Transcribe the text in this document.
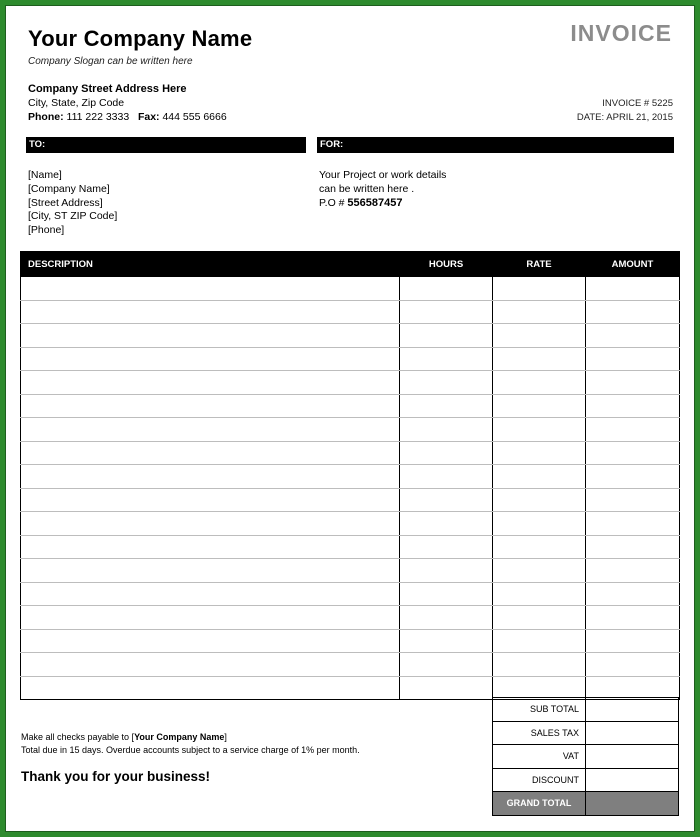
Your Company Name
Company Slogan can be written here
INVOICE
Company Street Address Here
City, State, Zip Code
Phone: 111 222 3333 Fax: 444 555 6666
INVOICE # 5225
DATE: APRIL 21, 2015
TO:	FOR:
[Name]
[Company Name]
[Street Address]
[City, ST ZIP Code]
[Phone]
Your Project or work details
can be written here .
P.O # 556587457
DESCRIPTION	HOURS	RATE	AMOUNT

Make all checks payable to [Your Company Name]
Total due in 15 days. Overdue accounts subject to a service charge of 1% per month.
Thank you for your business!
SUB TOTAL	
SALES TAX	
VAT	
DISCOUNT	
GRAND TOTAL	
